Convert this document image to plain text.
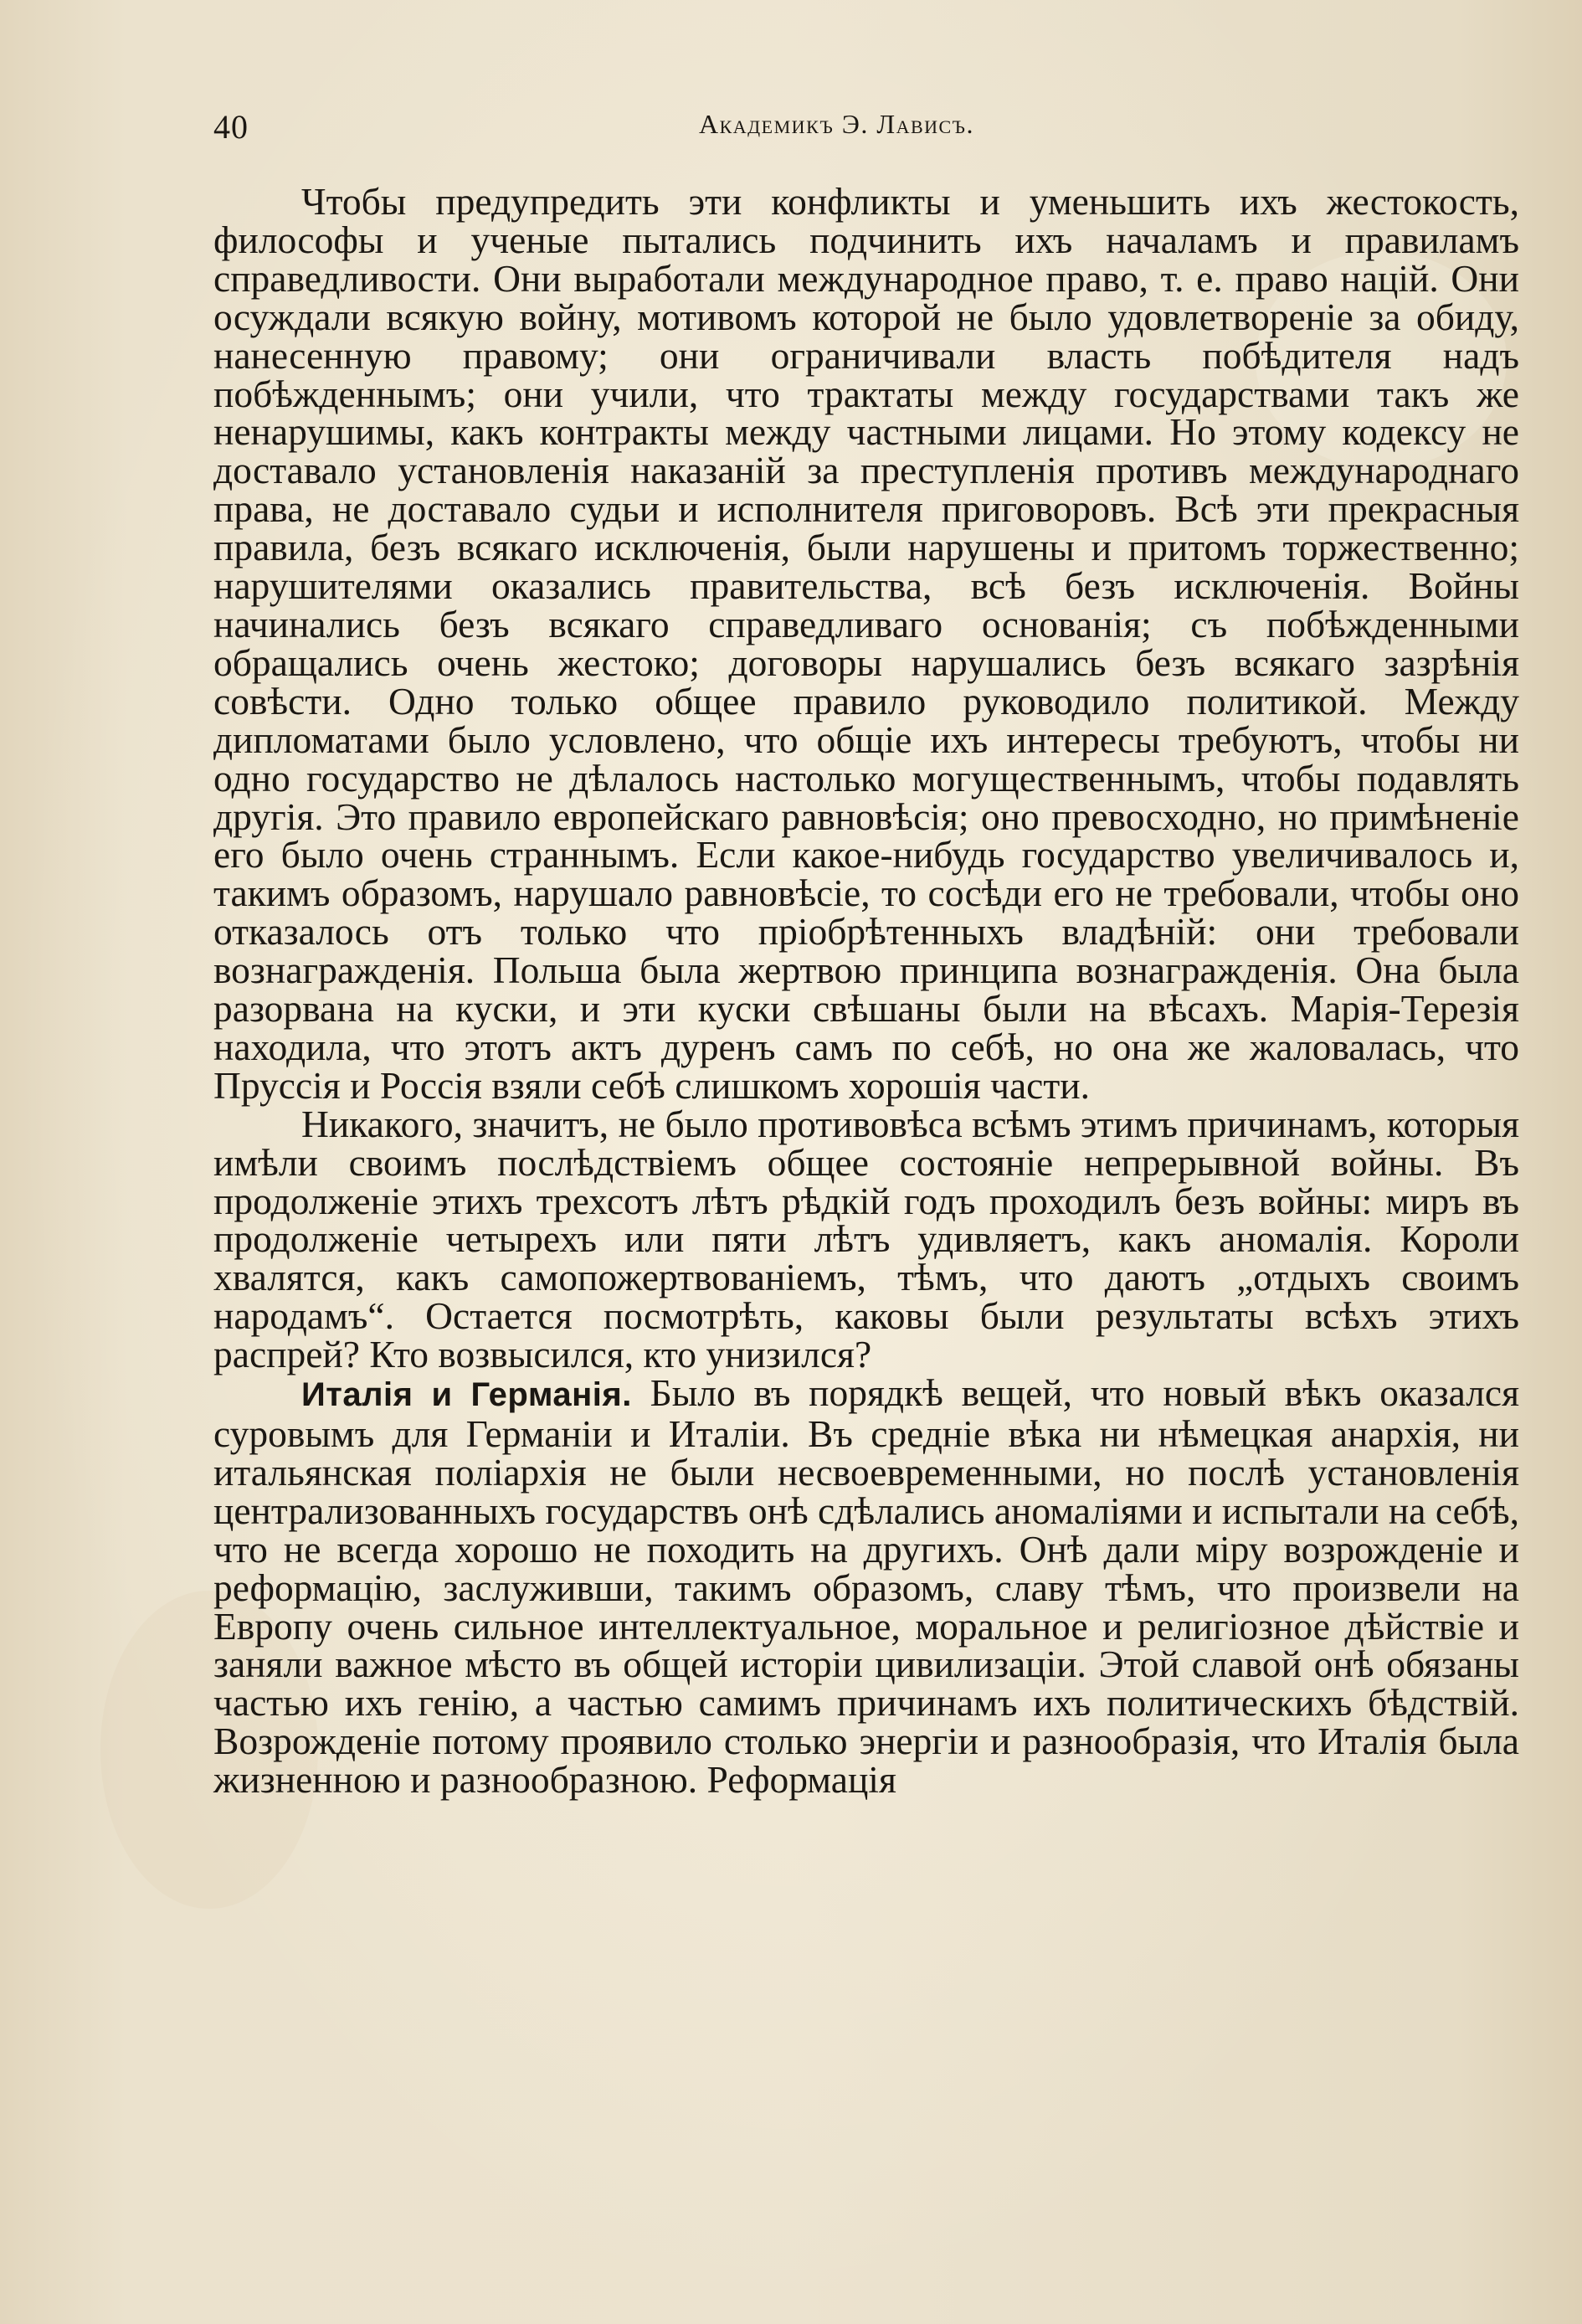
40	Академикъ Э. Лависъ.

Чтобы предупредить эти конфликты и уменьшить ихъ жестокость, философы и ученые пытались подчинить ихъ началамъ и правиламъ справедливости. Они выработали международное право, т. е. право націй. Они осуждали всякую войну, мотивомъ которой не было удовлетвореніе за обиду, нанесенную правому; они ограничивали власть побѣдителя надъ побѣжденнымъ; они учили, что трактаты между государствами такъ же ненарушимы, какъ контракты между частными лицами. Но этому кодексу не доставало установленія наказаній за преступленія противъ международнаго права, не доставало судьи и исполнителя приговоровъ. Всѣ эти прекрасныя правила, безъ всякаго исключенія, были нарушены и притомъ торжественно; нарушителями оказались правительства, всѣ безъ исключенія. Войны начинались безъ всякаго справедливаго основанія; съ побѣжденными обращались очень жестоко; договоры нарушались безъ всякаго зазрѣнія совѣсти. Одно только общее правило руководило политикой. Между дипломатами было условлено, что общіе ихъ интересы требуютъ, чтобы ни одно государство не дѣлалось настолько могущественнымъ, чтобы подавлять другія. Это правило европейскаго равновѣсія; оно превосходно, но примѣненіе его было очень страннымъ. Если какое-нибудь государство увеличивалось и, такимъ образомъ, нарушало равновѣсіе, то сосѣди его не требовали, чтобы оно отказалось отъ только что пріобрѣтенныхъ владѣній: они требовали вознагражденія. Польша была жертвою принципа вознагражденія. Она была разорвана на куски, и эти куски свѣшаны были на вѣсахъ. Марія-Терезія находила, что этотъ актъ дуренъ самъ по себѣ, но она же жаловалась, что Пруссія и Россія взяли себѣ слишкомъ хорошія части.

Никакого, значитъ, не было противовѣса всѣмъ этимъ причинамъ, которыя имѣли своимъ послѣдствіемъ общее состояніе непрерывной войны. Въ продолженіе этихъ трехсотъ лѣтъ рѣдкій годъ проходилъ безъ войны: миръ въ продолженіе четырехъ или пяти лѣтъ удивляетъ, какъ аномалія. Короли хвалятся, какъ самопожертвованіемъ, тѣмъ, что даютъ „отдыхъ своимъ народамъ“. Остается посмотрѣть, каковы были результаты всѣхъ этихъ распрей? Кто возвысился, кто унизился?

Италія и Германія. Было въ порядкѣ вещей, что новый вѣкъ оказался суровымъ для Германіи и Италіи. Въ средніе вѣка ни нѣмецкая анархія, ни итальянская поліархія не были несвоевременными, но послѣ установленія централизованныхъ государствъ онѣ сдѣлались аномаліями и испытали на себѣ, что не всегда хорошо не походить на другихъ. Онѣ дали міру возрожденіе и реформацію, заслуживши, такимъ образомъ, славу тѣмъ, что произвели на Европу очень сильное интеллектуальное, моральное и религіозное дѣйствіе и заняли важное мѣсто въ общей исторіи цивилизаціи. Этой славой онѣ обязаны частью ихъ генію, а частью самимъ причинамъ ихъ политическихъ бѣдствій. Возрожденіе потому проявило столько энергіи и разнообразія, что Италія была жизненною и разнообразною. Реформація
